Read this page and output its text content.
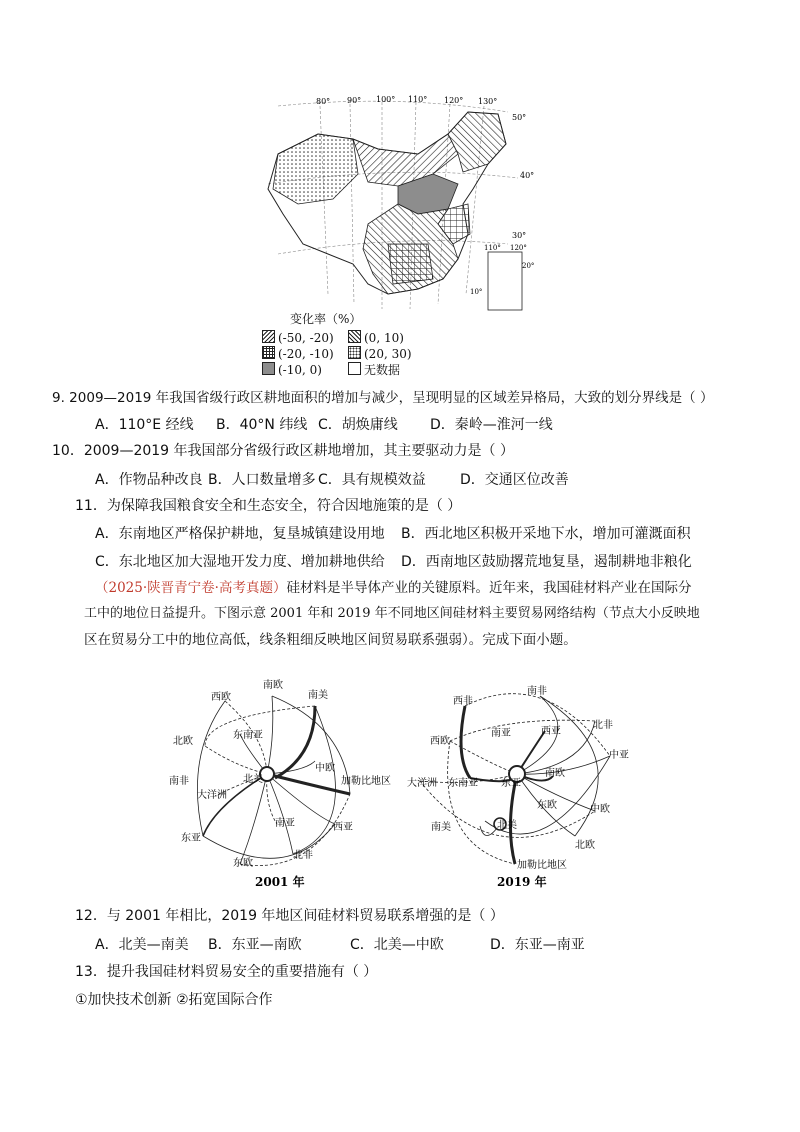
80° 90° 100° 110° 120° 130°
50°
40°
30°
110° 120°
20°
10°
变化率（%）
(-50, -20)	(0, 10)
(-20, -10)	(20, 30)
(-10, 0)	无数据
9. 2009—2019 年我国省级行政区耕地面积的增加与减少，呈现明显的区域差异格局，大致的划分界线是（ ）
A．110°E 经线 B．40°N 纬线 C．胡焕庸线 D．秦岭—淮河一线
10．2009—2019 年我国部分省级行政区耕地增加，其主要驱动力是（ ）
A．作物品种改良 B．人口数量增多 C．具有规模效益 D．交通区位改善
11．为保障我国粮食安全和生态安全，符合因地施策的是（ ）
A．东南地区严格保护耕地，复垦城镇建设用地 B．西北地区积极开采地下水，增加可灌溉面积
C．东北地区加大湿地开发力度、增加耕地供给 D．西南地区鼓励撂荒地复垦，遏制耕地非粮化
（2025·陕晋青宁卷·高考真题）硅材料是半导体产业的关键原料。近年来，我国硅材料产业在国际分
工中的地位日益提升。下图示意 2001 年和 2019 年不同地区间硅材料主要贸易网络结构（节点大小反映地
区在贸易分工中的地位高低，线条粗细反映地区间贸易联系强弱）。完成下面小题。
南欧
西欧	南美
北欧
东南亚
中欧
北美	加勒比地区
南非
大洋洲
南亚
东亚
西亚
东欧
北非
2001 年
西非
南非
北非
南亚	西亚
西欧
中亚
大洋洲 东南亚 东亚
南欧
东欧	中欧
南美	北美
北欧
加勒比地区
2019 年
12．与 2001 年相比，2019 年地区间硅材料贸易联系增强的是（ ）
A．北美—南美 B．东亚—南欧	C．北美—中欧	D．东亚—南亚
13．提升我国硅材料贸易安全的重要措施有（ ）
①加快技术创新 ②拓宽国际合作
